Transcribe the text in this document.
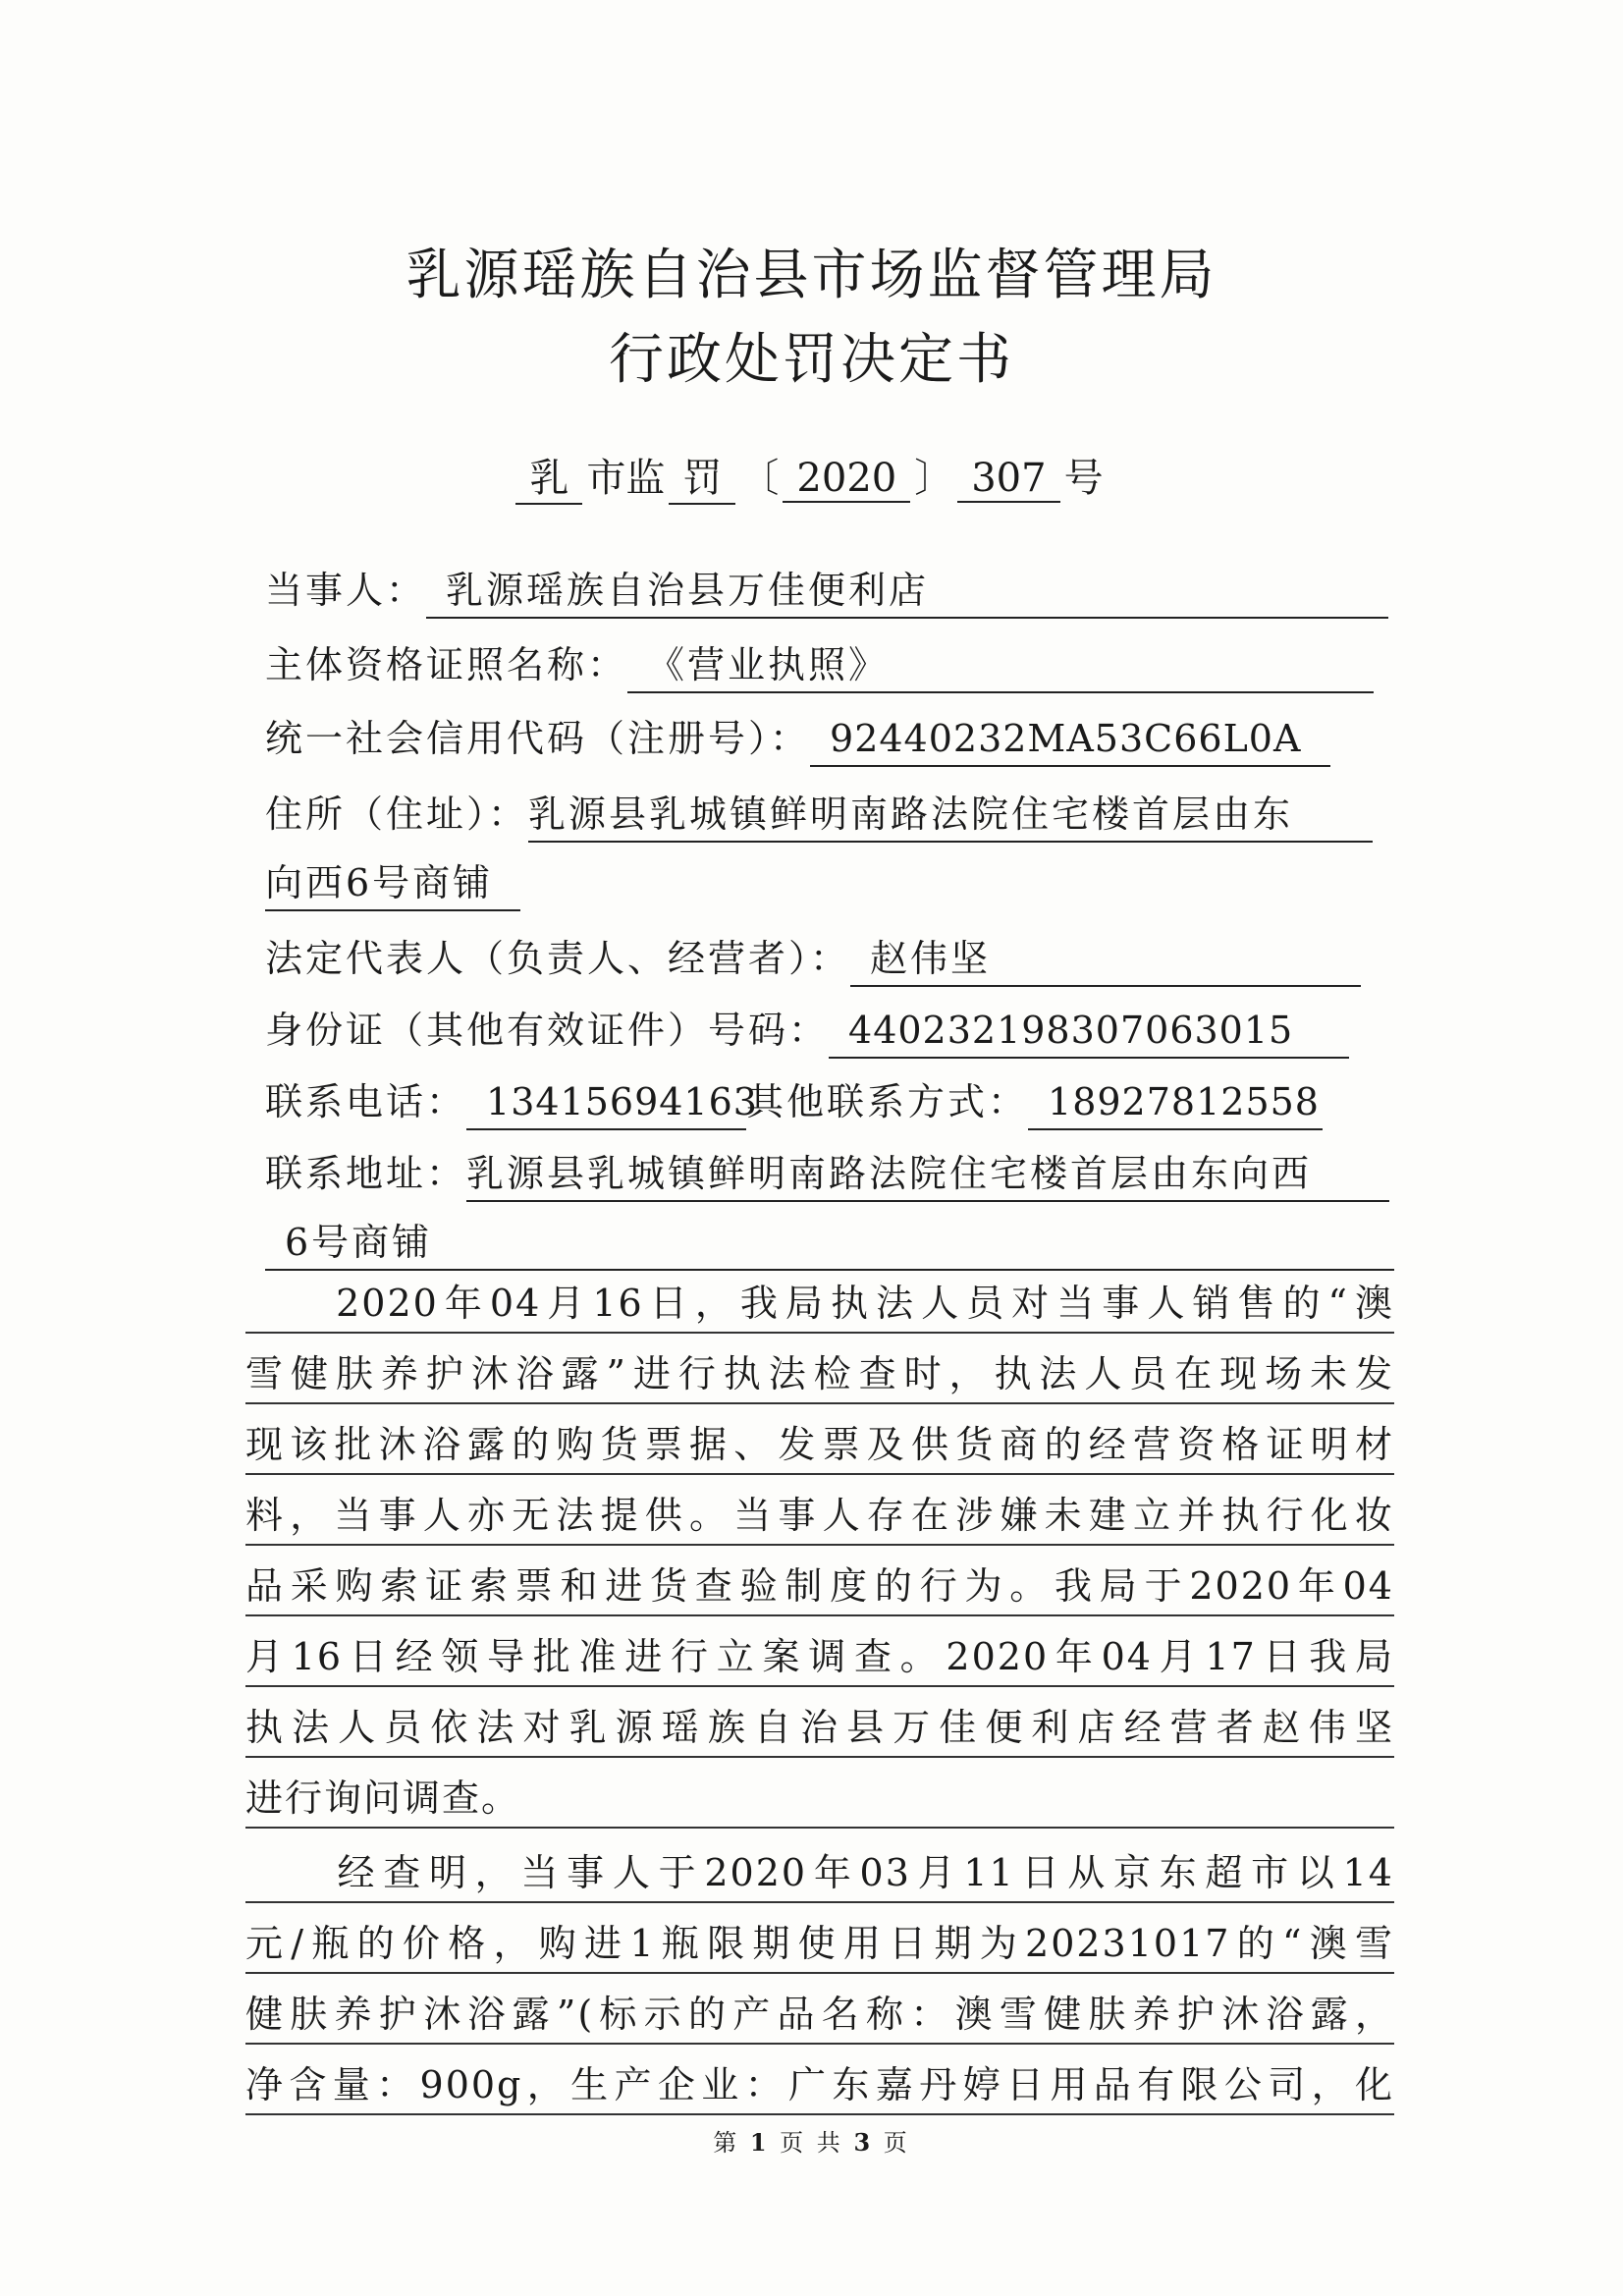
乳源瑶族自治县市场监督管理局
行政处罚决定书
乳 市监 罚 〔 2020 〕 307 号
当事人： 乳源瑶族自治县万佳便利店
主体资格证照名称： 《营业执照》
统一社会信用代码（注册号）： 92440232MA53C66L0A
住所（住址）：乳源县乳城镇鲜明南路法院住宅楼首层由东
向西6号商铺
法定代表人（负责人、经营者）： 赵伟坚
身份证（其他有效证件）号码： 440232198307063015
联系电话： 13415694163其他联系方式： 18927812558
联系地址：乳源县乳城镇鲜明南路法院住宅楼首层由东向西
6号商铺
　　2020年04月16日，我局执法人员对当事人销售的“澳
雪健肤养护沐浴露”进行执法检查时，执法人员在现场未发
现该批沐浴露的购货票据、发票及供货商的经营资格证明材
料，当事人亦无法提供。当事人存在涉嫌未建立并执行化妆
品采购索证索票和进货查验制度的行为。我局于2020年04
月16日经领导批准进行立案调查。2020年04月17日我局
执法人员依法对乳源瑶族自治县万佳便利店经营者赵伟坚
进行询问调查。
　　经查明，当事人于2020年03月11日从京东超市以14
元/瓶的价格，购进1瓶限期使用日期为20231017的“澳雪
健肤养护沐浴露”(标示的产品名称：澳雪健肤养护沐浴露，
净含量：900g，生产企业：广东嘉丹婷日用品有限公司，化
第 1 页 共 3 页
